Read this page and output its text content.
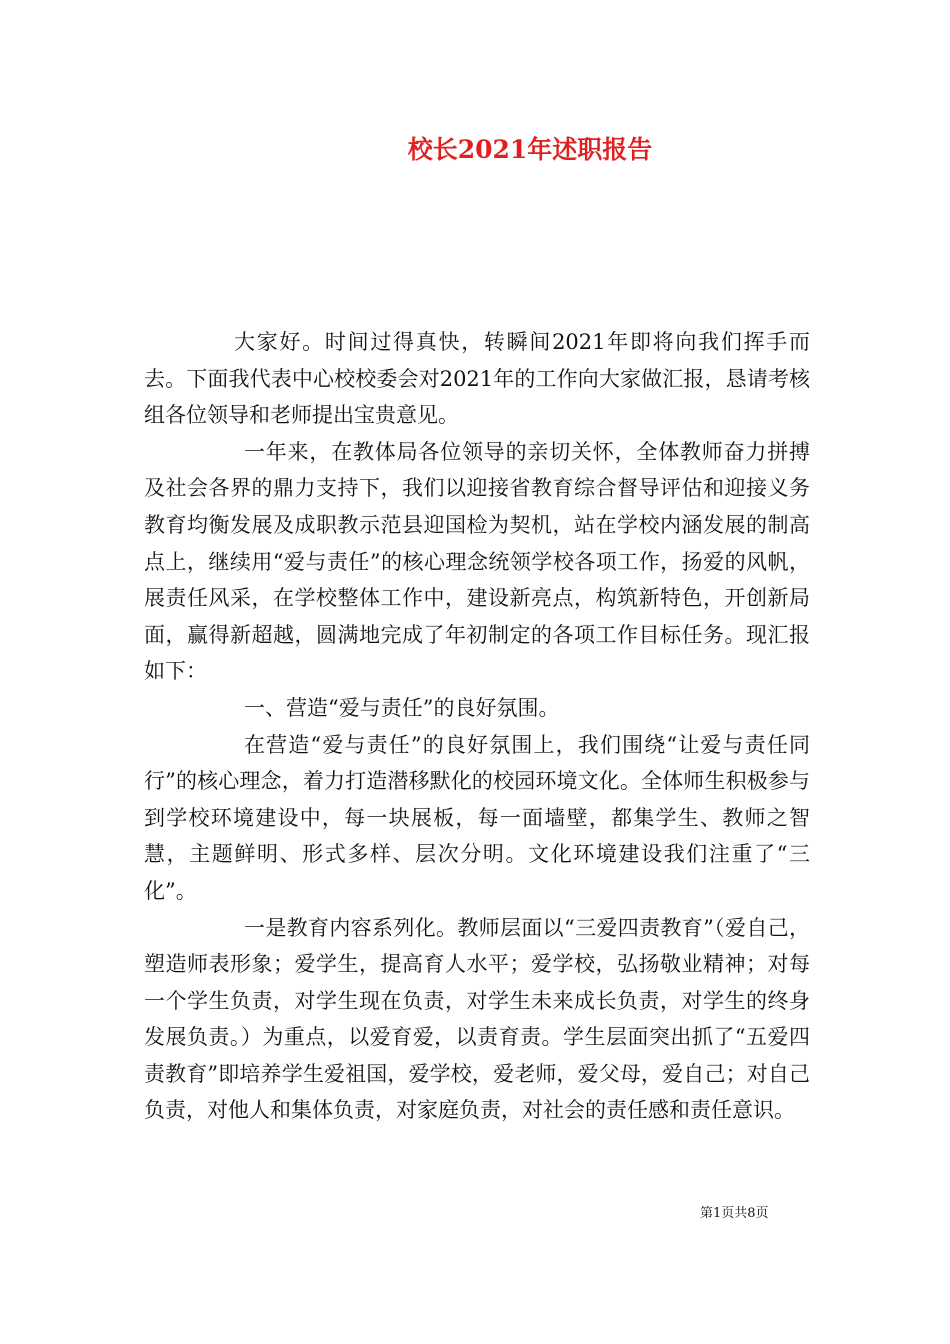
校长2021年述职报告

大家好。时间过得真快，转瞬间2021年即将向我们挥手而去。下面我代表中心校校委会对2021年的工作向大家做汇报，恳请考核组各位领导和老师提出宝贵意见。

一年来，在教体局各位领导的亲切关怀，全体教师奋力拼搏及社会各界的鼎力支持下，我们以迎接省教育综合督导评估和迎接义务教育均衡发展及成职教示范县迎国检为契机，站在学校内涵发展的制高点上，继续用“爱与责任”的核心理念统领学校各项工作，扬爱的风帆，展责任风采，在学校整体工作中，建设新亮点，构筑新特色，开创新局面，赢得新超越，圆满地完成了年初制定的各项工作目标任务。现汇报如下：

一、营造“爱与责任”的良好氛围。

在营造“爱与责任”的良好氛围上，我们围绕“让爱与责任同行”的核心理念，着力打造潜移默化的校园环境文化。全体师生积极参与到学校环境建设中，每一块展板，每一面墙壁，都集学生、教师之智慧，主题鲜明、形式多样、层次分明。文化环境建设我们注重了“三化”。

一是教育内容系列化。教师层面以“三爱四责教育”（爱自己，塑造师表形象；爱学生，提高育人水平；爱学校，弘扬敬业精神；对每一个学生负责，对学生现在负责，对学生未来成长负责，对学生的终身发展负责。）为重点，以爱育爱，以责育责。学生层面突出抓了“五爱四责教育”即培养学生爱祖国，爱学校，爱老师，爱父母，爱自己；对自己负责，对他人和集体负责，对家庭负责，对社会的责任感和责任意识。

第1页共8页
